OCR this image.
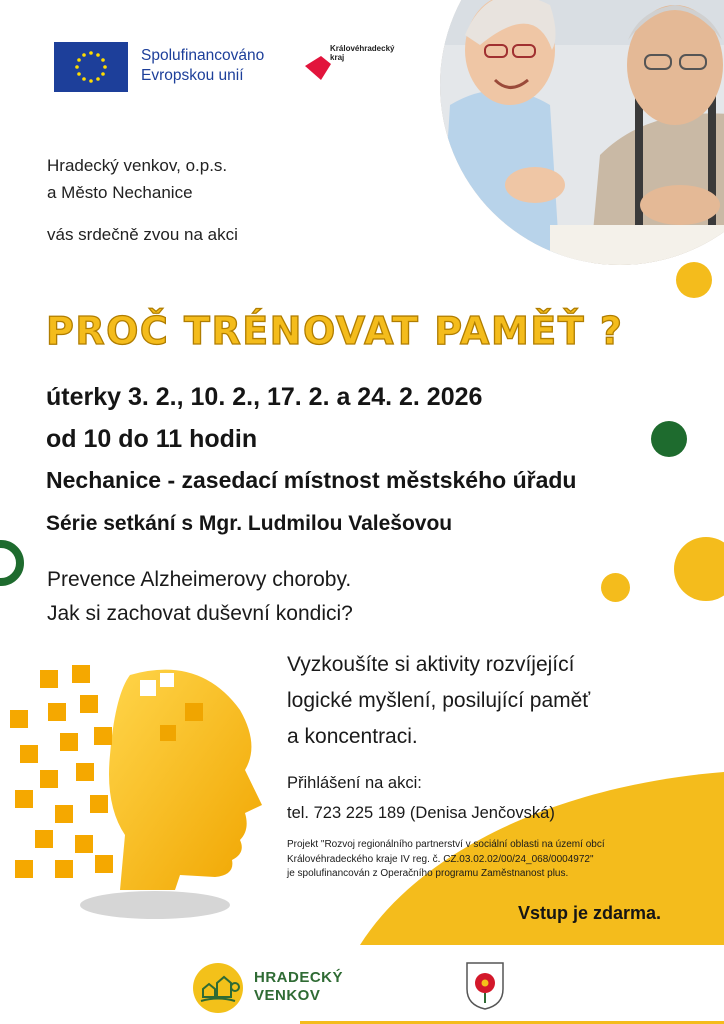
Spolufinancováno
Evropskou unií
Královéhradecký
kraj
Hradecký venkov, o.p.s.
a Město Nechanice
vás srdečně zvou na akci
PROČ TRÉNOVAT PAMĚŤ ?
úterky 3. 2., 10. 2., 17. 2. a 24. 2. 2026
od 10 do 11 hodin
Nechanice - zasedací místnost městského úřadu
Série setkání s Mgr. Ludmilou Valešovou
Prevence Alzheimerovy choroby.
Jak si zachovat duševní kondici?
Vyzkoušíte si aktivity rozvíjející
logické myšlení, posilující paměť
a koncentraci.
Přihlášení na akci:
tel. 723 225 189 (Denisa Jenčovská)
Projekt "Rozvoj regionálního partnerství v sociální oblasti na území obcí
Královéhradeckého kraje IV reg. č. CZ.03.02.02/00/24_068/0004972"
je spolufinancován z Operačního programu Zaměstnanost plus.
Vstup je zdarma.
HRADECKÝ
VENKOV
